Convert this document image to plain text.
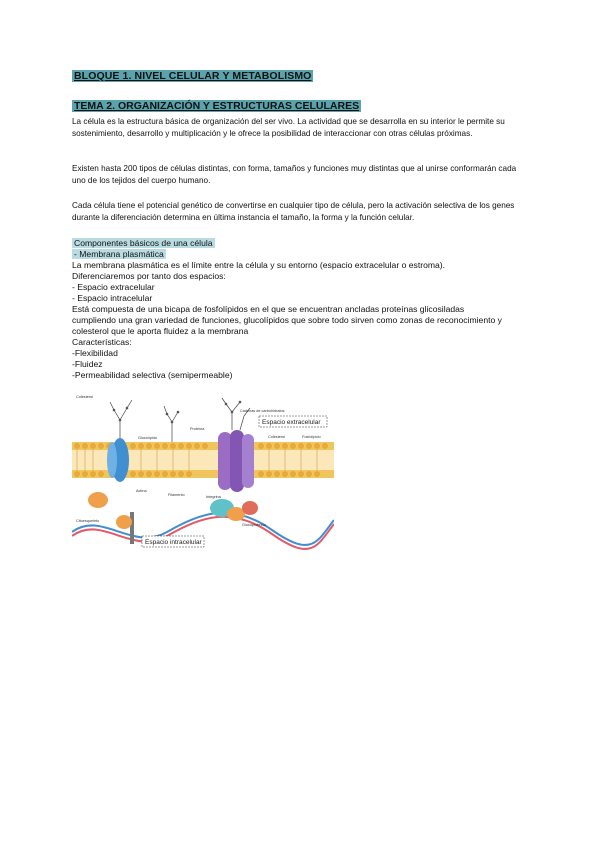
BLOQUE 1. NIVEL CELULAR Y METABOLISMO
TEMA 2. ORGANIZACIÓN Y ESTRUCTURAS CELULARES

La célula es la estructura básica de organización del ser vivo. La actividad que se desarrolla en su interior le permite su sostenimiento, desarrollo y multiplicación y le ofrece la posibilidad de interaccionar con otras células próximas.

Existen hasta 200 tipos de células distintas, con forma, tamaños y funciones muy distintas que al unirse conformarán cada uno de los tejidos del cuerpo humano.

Cada célula tiene el potencial genético de convertirse en cualquier tipo de célula, pero la activación selectiva de los genes durante la diferenciación determina en última instancia el tamaño, la forma y la función celular.

Componentes básicos de una célula
- Membrana plasmática
La membrana plasmática es el límite entre la célula y su entorno (espacio extracelular o estroma).
Diferenciaremos por tanto dos espacios:
- Espacio extracelular
- Espacio intracelular
Está compuesta de una bicapa de fosfolípidos en el que se encuentran ancladas proteínas glicosiladas
cumpliendo una gran variedad de funciones, glucolípidos que sobre todo sirven como zonas de reconocimiento y
colesterol que le aporta fluidez a la membrana
Características:
-Flexibilidad
-Fluidez
-Permeabilidad selectiva (semipermeable)
Espacio extracelular
Espacio intracelular
Glucolípido
Cadenas de carbohidratos
Colesterol	Fosfolípido
Colesterol
Proteína
Integrina
Glucoproteína
Filamento
Actina
Citoesqueleto
